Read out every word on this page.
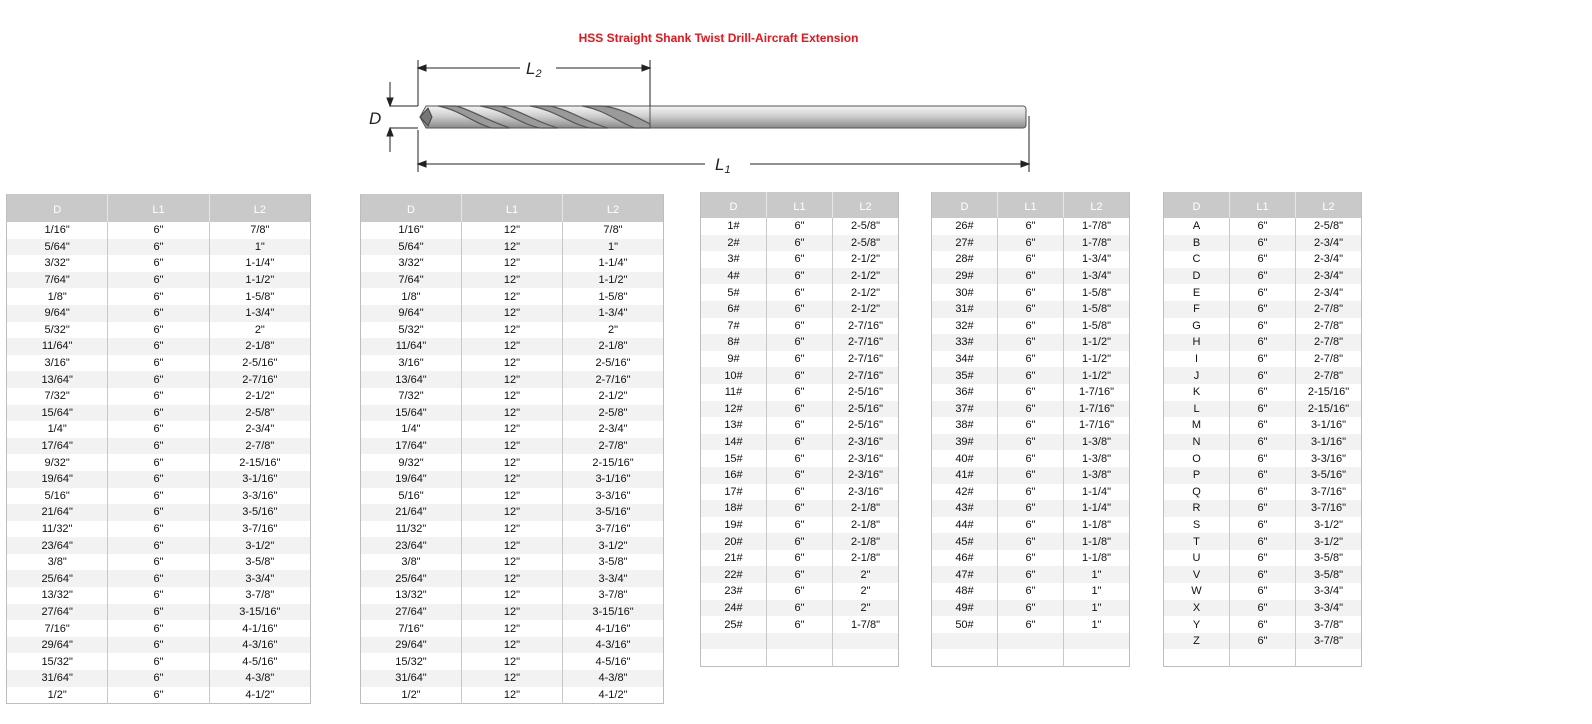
HSS Straight Shank Twist Drill-Aircraft Extension
L2
L1
D
D	L1	L2
1/16"	6"	7/8"
5/64"	6"	1"
3/32"	6"	1-1/4"
7/64"	6"	1-1/2"
1/8"	6"	1-5/8"
9/64"	6"	1-3/4"
5/32"	6"	2"
11/64"	6"	2-1/8"
3/16"	6"	2-5/16"
13/64"	6"	2-7/16"
7/32"	6"	2-1/2"
15/64"	6"	2-5/8"
1/4"	6"	2-3/4"
17/64"	6"	2-7/8"
9/32"	6"	2-15/16"
19/64"	6"	3-1/16"
5/16"	6"	3-3/16"
21/64"	6"	3-5/16"
11/32"	6"	3-7/16"
23/64"	6"	3-1/2"
3/8"	6"	3-5/8"
25/64"	6"	3-3/4"
13/32"	6"	3-7/8"
27/64"	6"	3-15/16"
7/16"	6"	4-1/16"
29/64"	6"	4-3/16"
15/32"	6"	4-5/16"
31/64"	6"	4-3/8"
1/2"	6"	4-1/2"
D	L1	L2
1/16"	12"	7/8"
5/64"	12"	1"
3/32"	12"	1-1/4"
7/64"	12"	1-1/2"
1/8"	12"	1-5/8"
9/64"	12"	1-3/4"
5/32"	12"	2"
11/64"	12"	2-1/8"
3/16"	12"	2-5/16"
13/64"	12"	2-7/16"
7/32"	12"	2-1/2"
15/64"	12"	2-5/8"
1/4"	12"	2-3/4"
17/64"	12"	2-7/8"
9/32"	12"	2-15/16"
19/64"	12"	3-1/16"
5/16"	12"	3-3/16"
21/64"	12"	3-5/16"
11/32"	12"	3-7/16"
23/64"	12"	3-1/2"
3/8"	12"	3-5/8"
25/64"	12"	3-3/4"
13/32"	12"	3-7/8"
27/64"	12"	3-15/16"
7/16"	12"	4-1/16"
29/64"	12"	4-3/16"
15/32"	12"	4-5/16"
31/64"	12"	4-3/8"
1/2"	12"	4-1/2"
D	L1	L2
1#	6"	2-5/8"
2#	6"	2-5/8"
3#	6"	2-1/2"
4#	6"	2-1/2"
5#	6"	2-1/2"
6#	6"	2-1/2"
7#	6"	2-7/16"
8#	6"	2-7/16"
9#	6"	2-7/16"
10#	6"	2-7/16"
11#	6"	2-5/16"
12#	6"	2-5/16"
13#	6"	2-5/16"
14#	6"	2-3/16"
15#	6"	2-3/16"
16#	6"	2-3/16"
17#	6"	2-3/16"
18#	6"	2-1/8"
19#	6"	2-1/8"
20#	6"	2-1/8"
21#	6"	2-1/8"
22#	6"	2"
23#	6"	2"
24#	6"	2"
25#	6"	1-7/8"

D	L1	L2
26#	6"	1-7/8"
27#	6"	1-7/8"
28#	6"	1-3/4"
29#	6"	1-3/4"
30#	6"	1-5/8"
31#	6"	1-5/8"
32#	6"	1-5/8"
33#	6"	1-1/2"
34#	6"	1-1/2"
35#	6"	1-1/2"
36#	6"	1-7/16"
37#	6"	1-7/16"
38#	6"	1-7/16"
39#	6"	1-3/8"
40#	6"	1-3/8"
41#	6"	1-3/8"
42#	6"	1-1/4"
43#	6"	1-1/4"
44#	6"	1-1/8"
45#	6"	1-1/8"
46#	6"	1-1/8"
47#	6"	1"
48#	6"	1"
49#	6"	1"
50#	6"	1"

D	L1	L2
A	6"	2-5/8"
B	6"	2-3/4"
C	6"	2-3/4"
D	6"	2-3/4"
E	6"	2-3/4"
F	6"	2-7/8"
G	6"	2-7/8"
H	6"	2-7/8"
I	6"	2-7/8"
J	6"	2-7/8"
K	6"	2-15/16"
L	6"	2-15/16"
M	6"	3-1/16"
N	6"	3-1/16"
O	6"	3-3/16"
P	6"	3-5/16"
Q	6"	3-7/16"
R	6"	3-7/16"
S	6"	3-1/2"
T	6"	3-1/2"
U	6"	3-5/8"
V	6"	3-5/8"
W	6"	3-3/4"
X	6"	3-3/4"
Y	6"	3-7/8"
Z	6"	3-7/8"
